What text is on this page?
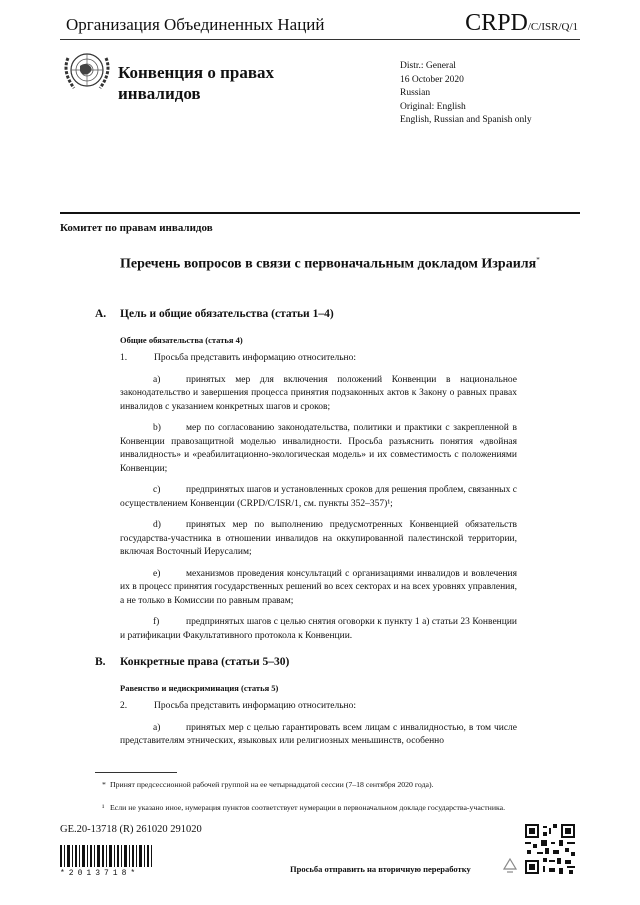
Организация Объединенных Наций	CRPD/C/ISR/Q/1
Конвенция о правах
инвалидов
Distr.: General
16 October 2020
Russian
Original: English
English, Russian and Spanish only
Комитет по правам инвалидов
Перечень вопросов в связи с первоначальным докладом Израиля*
A. Цель и общие обязательства (статьи 1–4)
Общие обязательства (статья 4)
1.	Просьба представить информацию относительно:
a)	принятых мер для включения положений Конвенции в национальное законодательство и завершения процесса принятия подзаконных актов к Закону о равных правах инвалидов с указанием конкретных шагов и сроков;
b)	мер по согласованию законодательства, политики и практики с закрепленной в Конвенции правозащитной моделью инвалидности. Просьба разъяснить понятия «двойная инвалидность» и «реабилитационно-экологическая модель» и их совместимость с положениями Конвенции;
c)	предпринятых шагов и установленных сроков для решения проблем, связанных с осуществлением Конвенции (CRPD/C/ISR/1, см. пункты 352–357)¹;
d)	принятых мер по выполнению предусмотренных Конвенцией обязательств государства-участника в отношении инвалидов на оккупированной палестинской территории, включая Восточный Иерусалим;
e)	механизмов проведения консультаций с организациями инвалидов и вовлечения их в процесс принятия государственных решений во всех секторах и на всех уровнях управления, а не только в Комиссии по равным правам;
f)	предпринятых шагов с целью снятия оговорки к пункту 1 a) статьи 23 Конвенции и ратификации Факультативного протокола к Конвенции.
B. Конкретные права (статьи 5–30)
Равенство и недискриминация (статья 5)
2.	Просьба представить информацию относительно:
a)	принятых мер с целью гарантировать всем лицам с инвалидностью, в том числе представителям этнических, языковых или религиозных меньшинств, особенно
* Принят предсессионной рабочей группой на ее четырнадцатой сессии (7–18 сентября 2020 года).
¹ Если не указано иное, нумерация пунктов соответствует нумерации в первоначальном докладе государства-участника.
GE.20-13718 (R) 261020 291020
*2013718*	Просьба отправить на вторичную переработку
